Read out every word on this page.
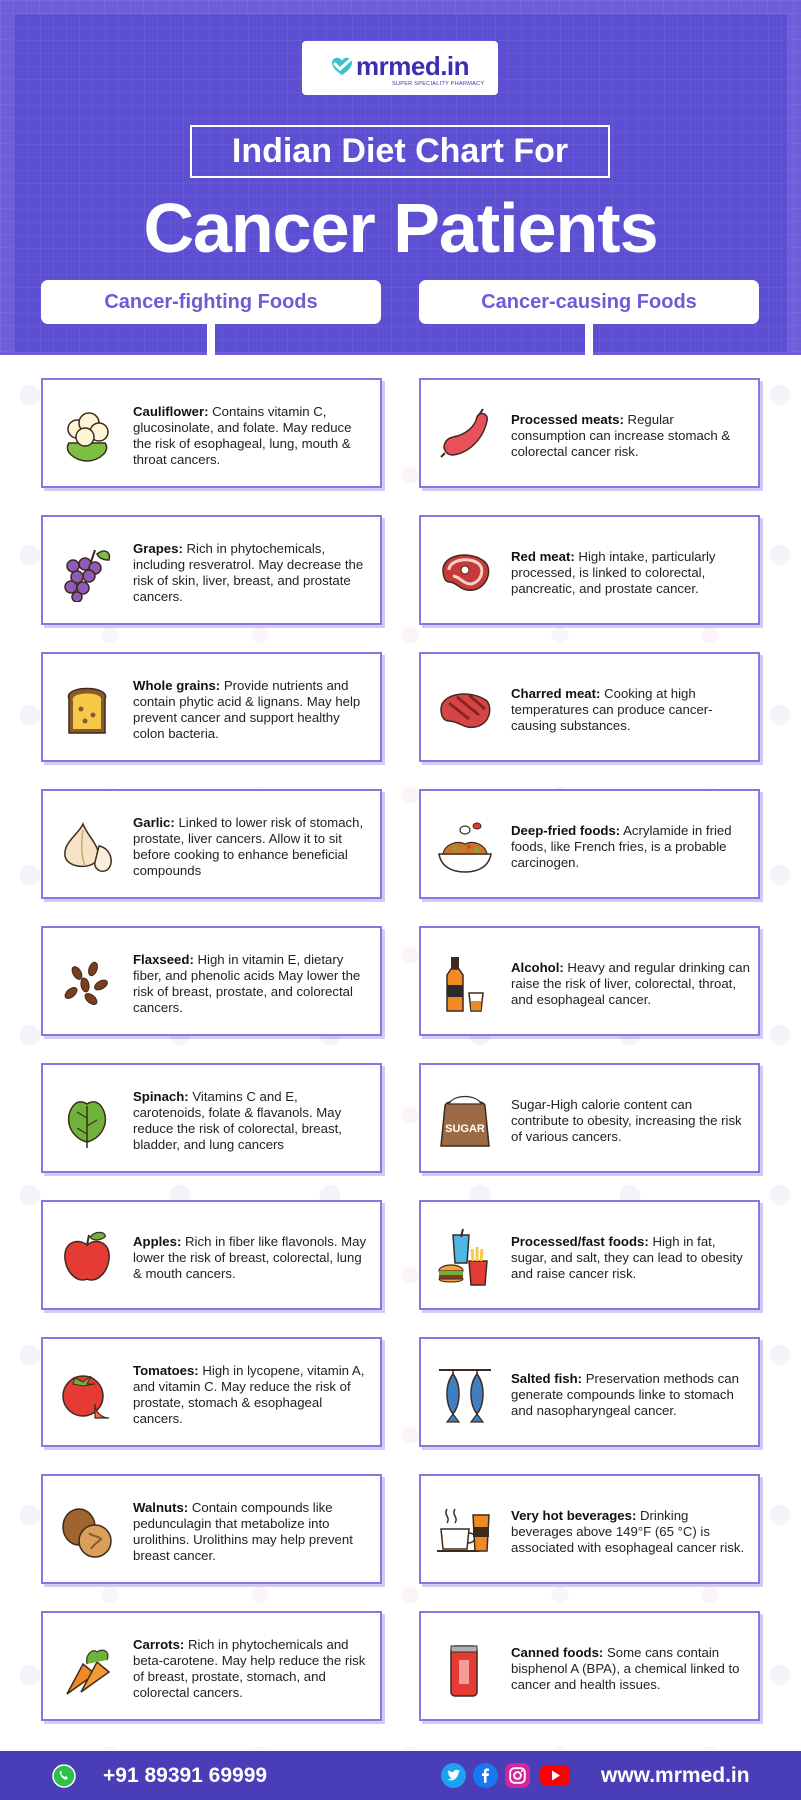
mrmed.in
SUPER SPECIALITY PHARMACY
Indian Diet Chart For
Cancer Patients
Cancer-fighting Foods	Cancer-causing Foods

Cauliflower: Contains vitamin C, glucosinolate, and folate. May reduce the risk of esophageal, lung, mouth & throat cancers.

Grapes: Rich in phytochemicals, including resveratrol. May decrease the risk of skin, liver, breast, and prostate cancers.

Whole grains: Provide nutrients and contain phytic acid & lignans. May help prevent cancer and support healthy colon bacteria.

Garlic: Linked to lower risk of stomach, prostate, liver cancers. Allow it to sit before cooking to enhance beneficial compounds

Flaxseed: High in vitamin E, dietary fiber, and phenolic acids May lower the risk of breast, prostate, and colorectal cancers.

Spinach: Vitamins C and E, carotenoids, folate & flavanols. May reduce the risk of colorectal, breast, bladder, and lung cancers

Apples: Rich in fiber like flavonols. May lower the risk of breast, colorectal, lung & mouth cancers.

Tomatoes: High in lycopene, vitamin A, and vitamin C. May reduce the risk of prostate, stomach & esophageal cancers.

Walnuts: Contain compounds like pedunculagin that metabolize into urolithins. Urolithins may help prevent breast cancer.

Carrots: Rich in phytochemicals and beta-carotene. May help reduce the risk of breast, prostate, stomach, and colorectal cancers.

Processed meats: Regular consumption can increase stomach & colorectal cancer risk.

Red meat: High intake, particularly processed, is linked to colorectal, pancreatic, and prostate cancer.

Charred meat: Cooking at high temperatures can produce cancer-causing substances.

Deep-fried foods: Acrylamide in fried foods, like French fries, is a probable carcinogen.

Alcohol: Heavy and regular drinking can raise the risk of liver, colorectal, throat, and esophageal cancer.

SUGAR

Sugar-High calorie content can contribute to obesity, increasing the risk of various cancers.

Processed/fast foods: High in fat, sugar, and salt, they can lead to obesity and raise cancer risk.

Salted fish: Preservation methods can generate compounds linke to stomach and nasopharyngeal cancer.

Very hot beverages: Drinking beverages above 149°F (65 °C) is associated with esophageal cancer risk.

Canned foods: Some cans contain bisphenol A (BPA), a chemical linked to cancer and health issues.

+91 89391 69999	www.mrmed.in
